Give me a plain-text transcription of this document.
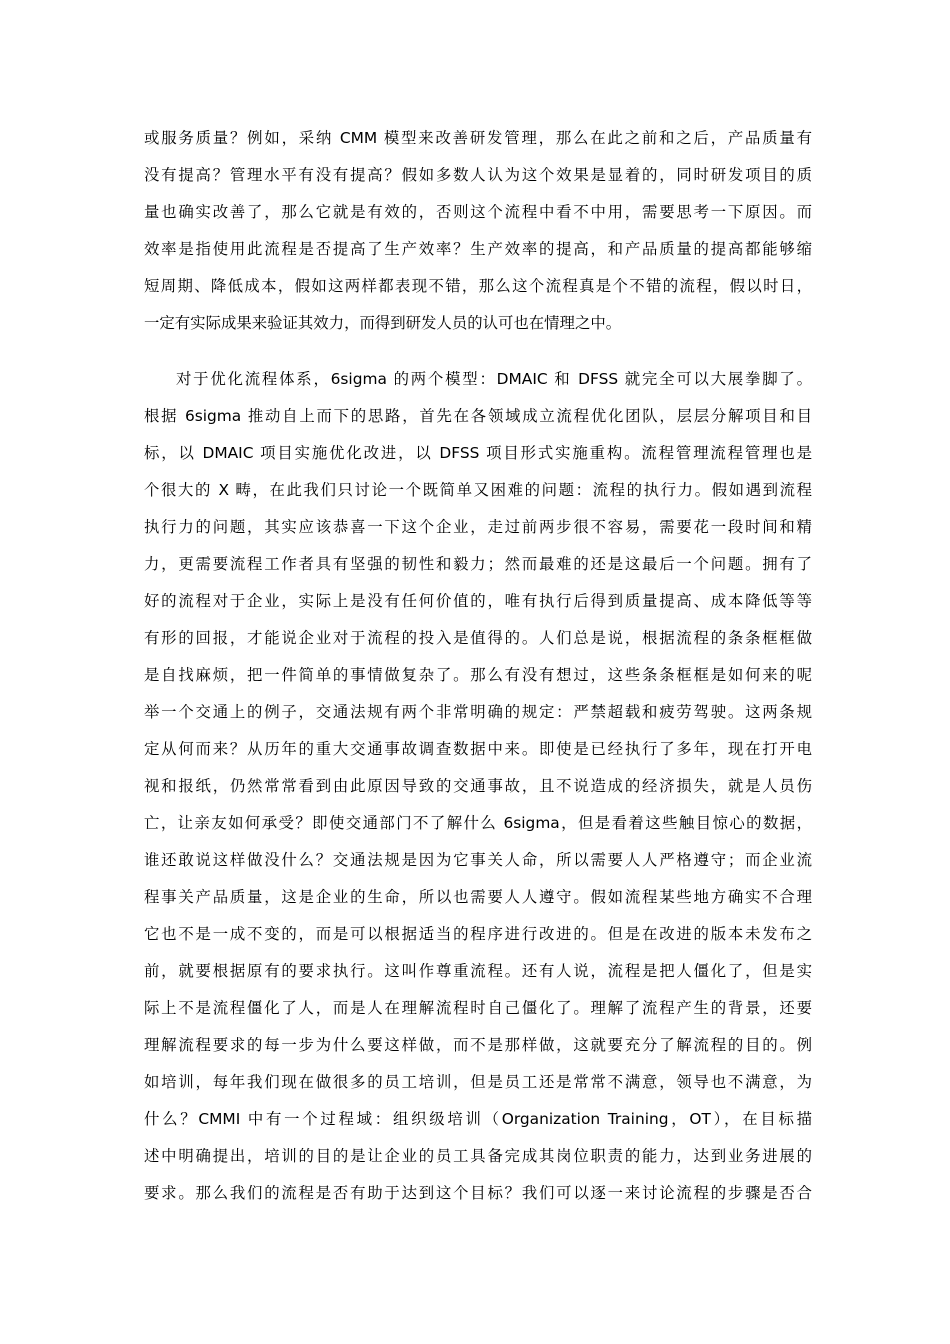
或服务质量？例如，采纳 CMM 模型来改善研发管理，那么在此之前和之后，产品质量有
没有提高？管理水平有没有提高？假如多数人认为这个效果是显着的，同时研发项目的质
量也确实改善了，那么它就是有效的，否则这个流程中看不中用，需要思考一下原因。而
效率是指使用此流程是否提高了生产效率？生产效率的提高，和产品质量的提高都能够缩
短周期、降低成本，假如这两样都表现不错，那么这个流程真是个不错的流程，假以时日，
一定有实际成果来验证其效力，而得到研发人员的认可也在情理之中。
对于优化流程体系，6sigma 的两个模型：DMAIC 和 DFSS 就完全可以大展拳脚了。
根据 6sigma 推动自上而下的思路，首先在各领域成立流程优化团队，层层分解项目和目
标，以 DMAIC 项目实施优化改进，以 DFSS 项目形式实施重构。流程管理流程管理也是
个很大的 X 畴，在此我们只讨论一个既简单又困难的问题：流程的执行力。假如遇到流程
执行力的问题，其实应该恭喜一下这个企业，走过前两步很不容易，需要花一段时间和精
力，更需要流程工作者具有坚强的韧性和毅力；然而最难的还是这最后一个问题。拥有了
好的流程对于企业，实际上是没有任何价值的，唯有执行后得到质量提高、成本降低等等
有形的回报，才能说企业对于流程的投入是值得的。人们总是说，根据流程的条条框框做
是自找麻烦，把一件简单的事情做复杂了。那么有没有想过，这些条条框框是如何来的呢
举一个交通上的例子，交通法规有两个非常明确的规定：严禁超载和疲劳驾驶。这两条规
定从何而来？从历年的重大交通事故调查数据中来。即使是已经执行了多年，现在打开电
视和报纸，仍然常常看到由此原因导致的交通事故，且不说造成的经济损失，就是人员伤
亡，让亲友如何承受？即使交通部门不了解什么 6sigma，但是看着这些触目惊心的数据，
谁还敢说这样做没什么？交通法规是因为它事关人命，所以需要人人严格遵守；而企业流
程事关产品质量，这是企业的生命，所以也需要人人遵守。假如流程某些地方确实不合理
它也不是一成不变的，而是可以根据适当的程序进行改进的。但是在改进的版本未发布之
前，就要根据原有的要求执行。这叫作尊重流程。还有人说，流程是把人僵化了，但是实
际上不是流程僵化了人，而是人在理解流程时自己僵化了。理解了流程产生的背景，还要
理解流程要求的每一步为什么要这样做，而不是那样做，这就要充分了解流程的目的。例
如培训，每年我们现在做很多的员工培训，但是员工还是常常不满意，领导也不满意，为
什么？CMMI 中有一个过程域：组织级培训（Organization Training，OT），在目标描
述中明确提出，培训的目的是让企业的员工具备完成其岗位职责的能力，达到业务进展的
要求。那么我们的流程是否有助于达到这个目标？我们可以逐一来讨论流程的步骤是否合
